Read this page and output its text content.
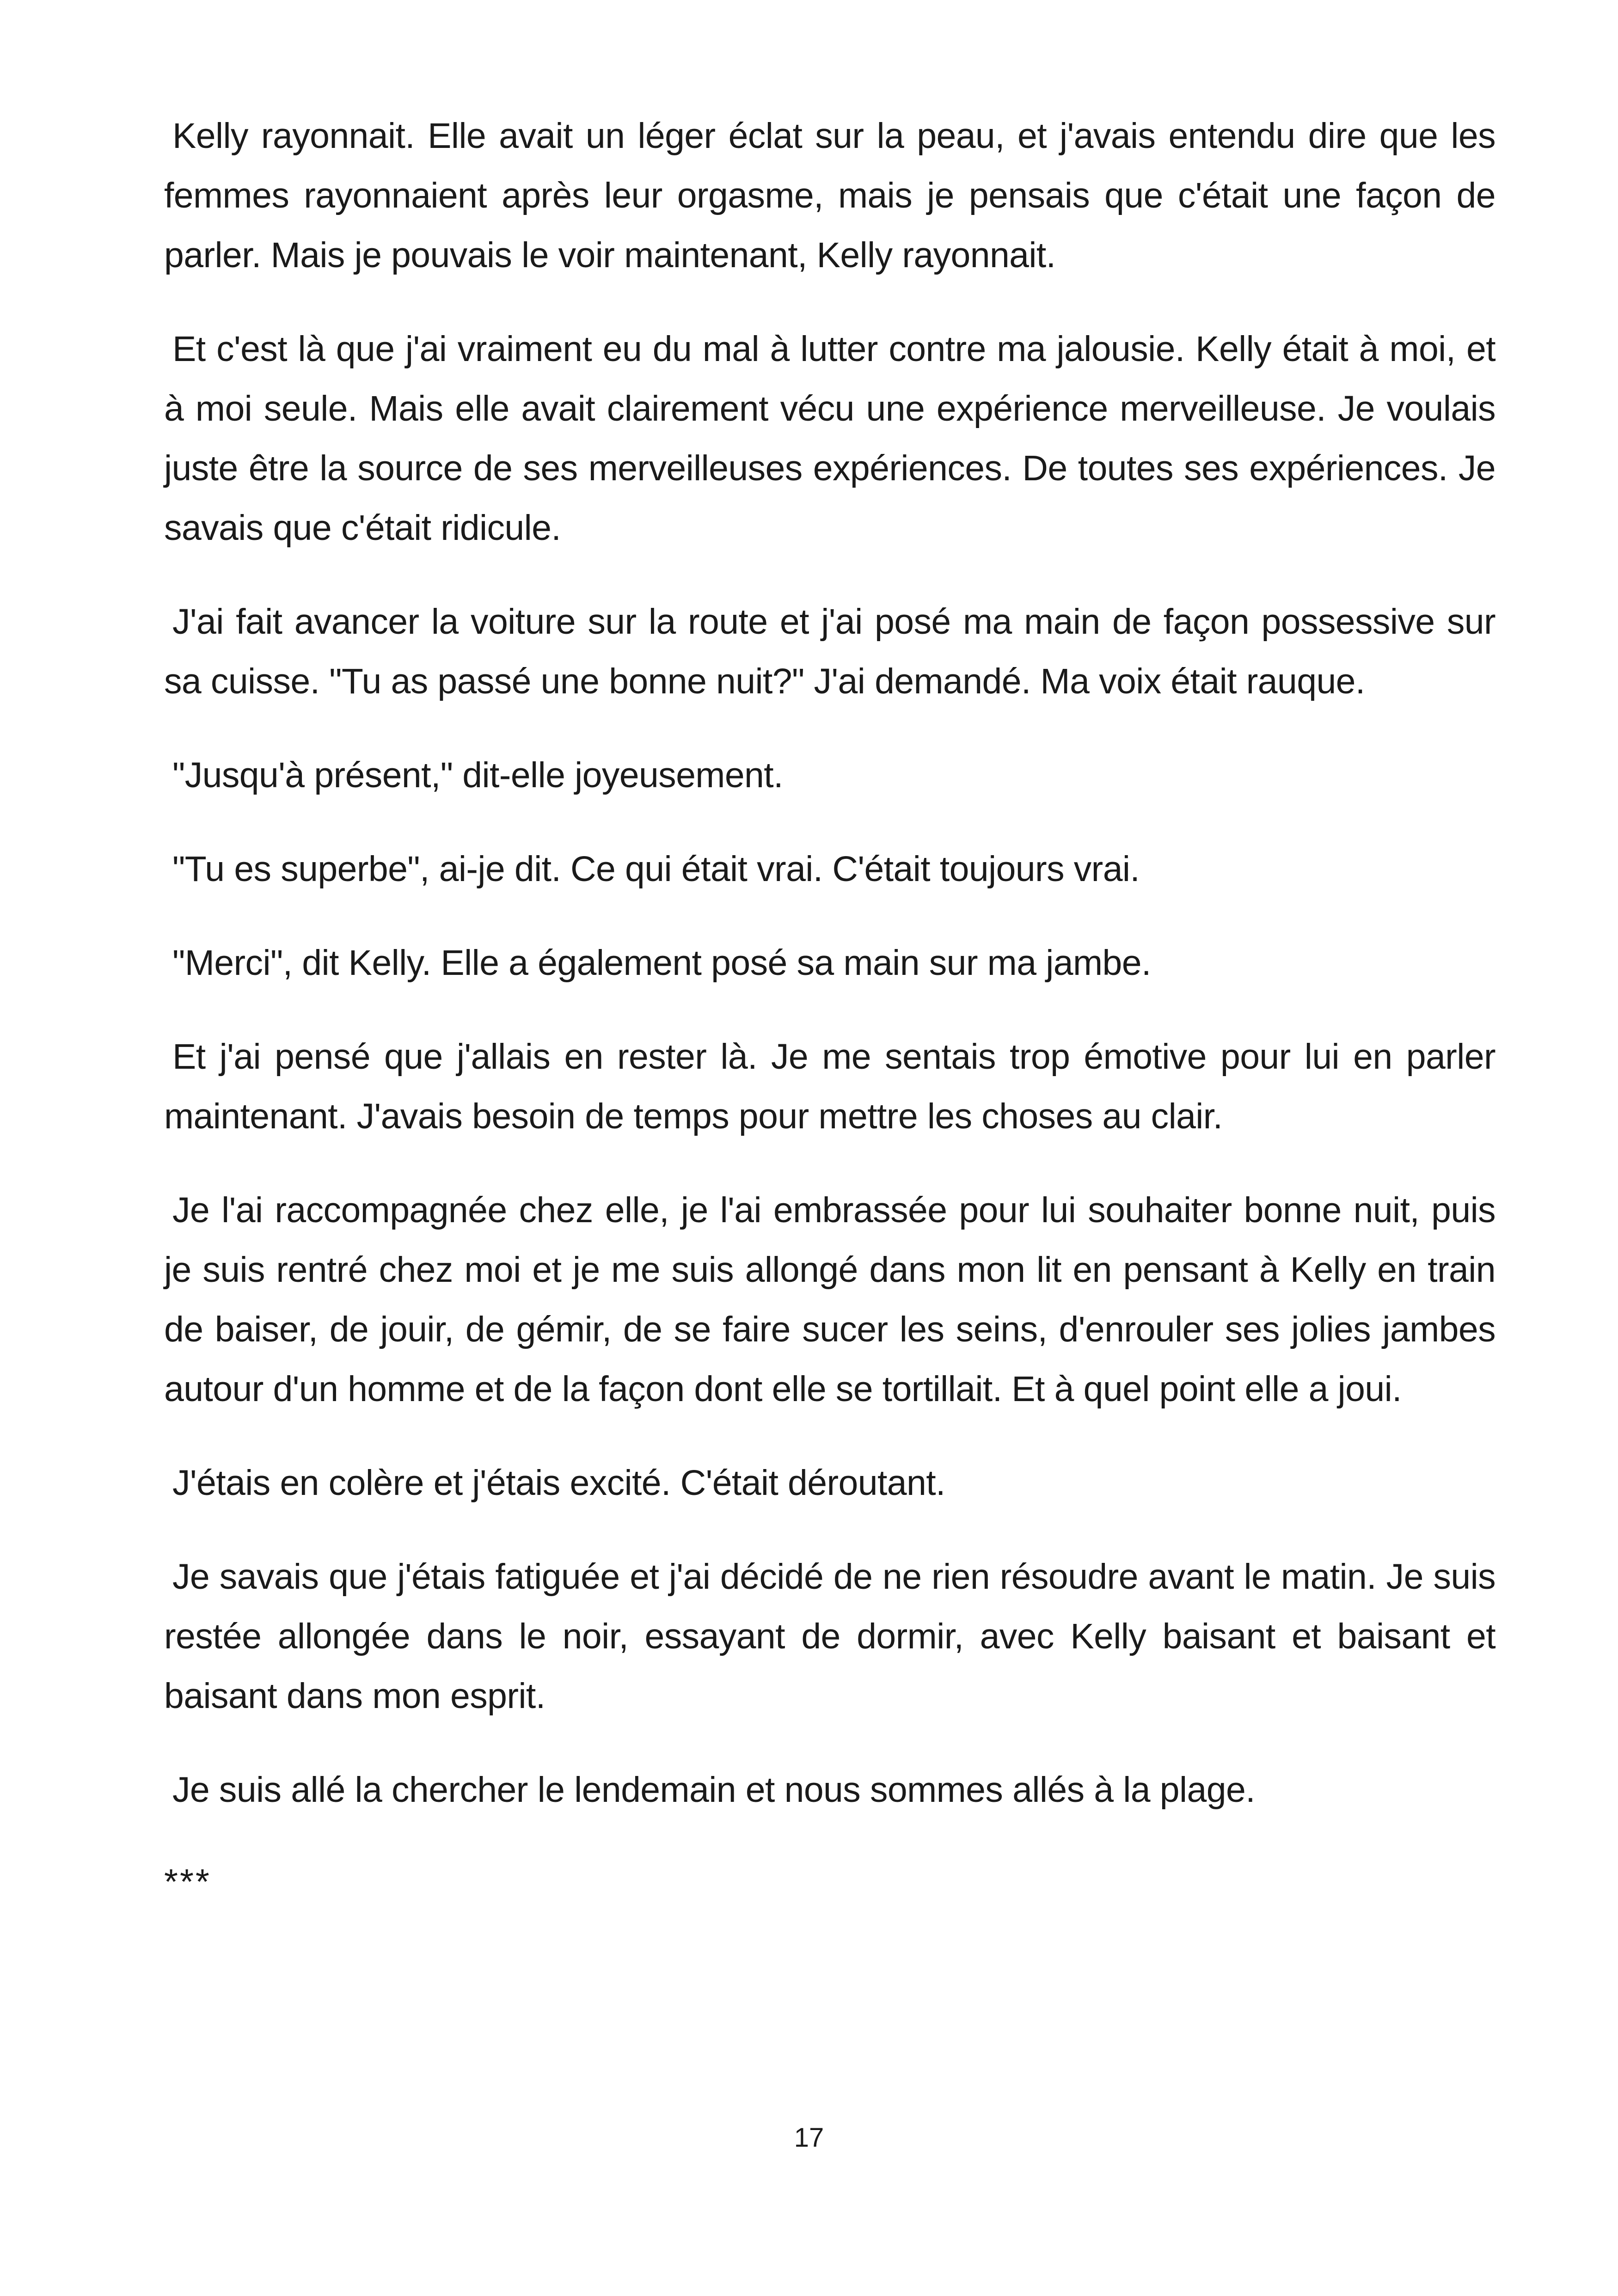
Kelly rayonnait. Elle avait un léger éclat sur la peau, et j'avais entendu dire que les femmes rayonnaient après leur orgasme, mais je pensais que c'était une façon de parler. Mais je pouvais le voir maintenant, Kelly rayonnait.

Et c'est là que j'ai vraiment eu du mal à lutter contre ma jalousie. Kelly était à moi, et à moi seule. Mais elle avait clairement vécu une expérience merveilleuse. Je voulais juste être la source de ses merveilleuses expériences. De toutes ses expériences. Je savais que c'était ridicule.

J'ai fait avancer la voiture sur la route et j'ai posé ma main de façon possessive sur sa cuisse. "Tu as passé une bonne nuit?" J'ai demandé. Ma voix était rauque.

"Jusqu'à présent," dit-elle joyeusement.

"Tu es superbe", ai-je dit. Ce qui était vrai. C'était toujours vrai.

"Merci", dit Kelly. Elle a également posé sa main sur ma jambe.

Et j'ai pensé que j'allais en rester là. Je me sentais trop émotive pour lui en parler maintenant. J'avais besoin de temps pour mettre les choses au clair.

Je l'ai raccompagnée chez elle, je l'ai embrassée pour lui souhaiter bonne nuit, puis je suis rentré chez moi et je me suis allongé dans mon lit en pensant à Kelly en train de baiser, de jouir, de gémir, de se faire sucer les seins, d'enrouler ses jolies jambes autour d'un homme et de la façon dont elle se tortillait. Et à quel point elle a joui.

J'étais en colère et j'étais excité. C'était déroutant.

Je savais que j'étais fatiguée et j'ai décidé de ne rien résoudre avant le matin. Je suis restée allongée dans le noir, essayant de dormir, avec Kelly baisant et baisant et baisant dans mon esprit.

Je suis allé la chercher le lendemain et nous sommes allés à la plage.

***

17
